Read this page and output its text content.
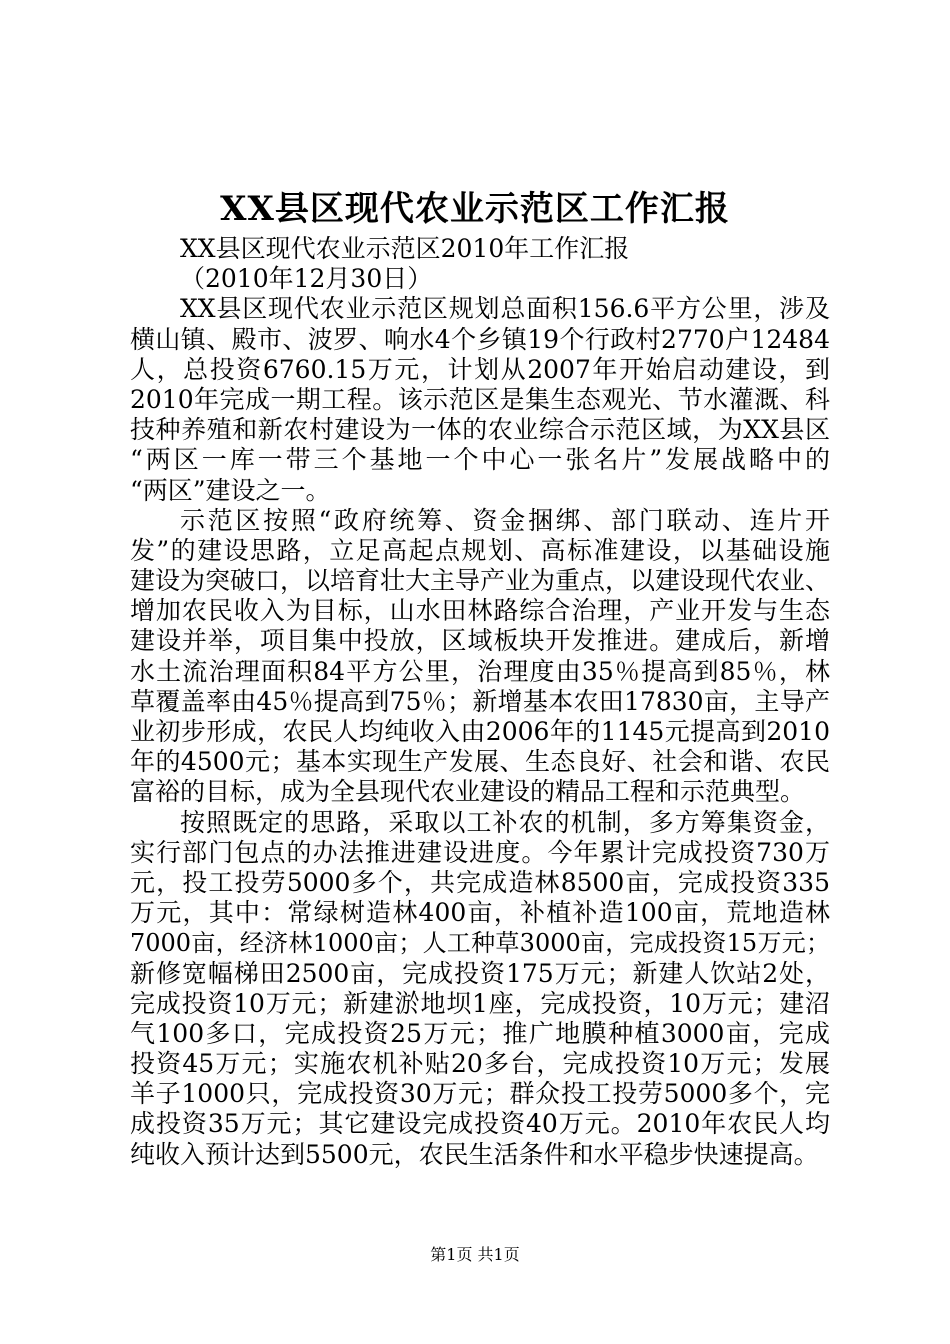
XX县区现代农业示范区工作汇报
XX县区现代农业示范区2010年工作汇报
（2010年12月30日）
XX县区现代农业示范区规划总面积156.6平方公里，涉及
横山镇、殿市、波罗、响水4个乡镇19个行政村2770户12484
人，总投资6760.15万元，计划从2007年开始启动建设，到
2010年完成一期工程。该示范区是集生态观光、节水灌溉、科
技种养殖和新农村建设为一体的农业综合示范区域，为XX县区
“两区一库一带三个基地一个中心一张名片”发展战略中的
“两区”建设之一。
示范区按照“政府统筹、资金捆绑、部门联动、连片开
发”的建设思路，立足高起点规划、高标准建设，以基础设施
建设为突破口，以培育壮大主导产业为重点，以建设现代农业、
增加农民收入为目标，山水田林路综合治理，产业开发与生态
建设并举，项目集中投放，区域板块开发推进。建成后，新增
水土流治理面积84平方公里，治理度由35％提高到85％，林
草覆盖率由45％提高到75％；新增基本农田17830亩，主导产
业初步形成，农民人均纯收入由2006年的1145元提高到2010
年的4500元；基本实现生产发展、生态良好、社会和谐、农民
富裕的目标，成为全县现代农业建设的精品工程和示范典型。
按照既定的思路，采取以工补农的机制，多方筹集资金，
实行部门包点的办法推进建设进度。今年累计完成投资730万
元，投工投劳5000多个，共完成造林8500亩，完成投资335
万元，其中：常绿树造林400亩，补植补造100亩，荒地造林
7000亩，经济林1000亩；人工种草3000亩，完成投资15万元；
新修宽幅梯田2500亩，完成投资175万元；新建人饮站2处，
完成投资10万元；新建淤地坝1座，完成投资，10万元；建沼
气100多口，完成投资25万元；推广地膜种植3000亩，完成
投资45万元；实施农机补贴20多台，完成投资10万元；发展
羊子1000只，完成投资30万元；群众投工投劳5000多个，完
成投资35万元；其它建设完成投资40万元。2010年农民人均
纯收入预计达到5500元，农民生活条件和水平稳步快速提高。
第1页 共1页
